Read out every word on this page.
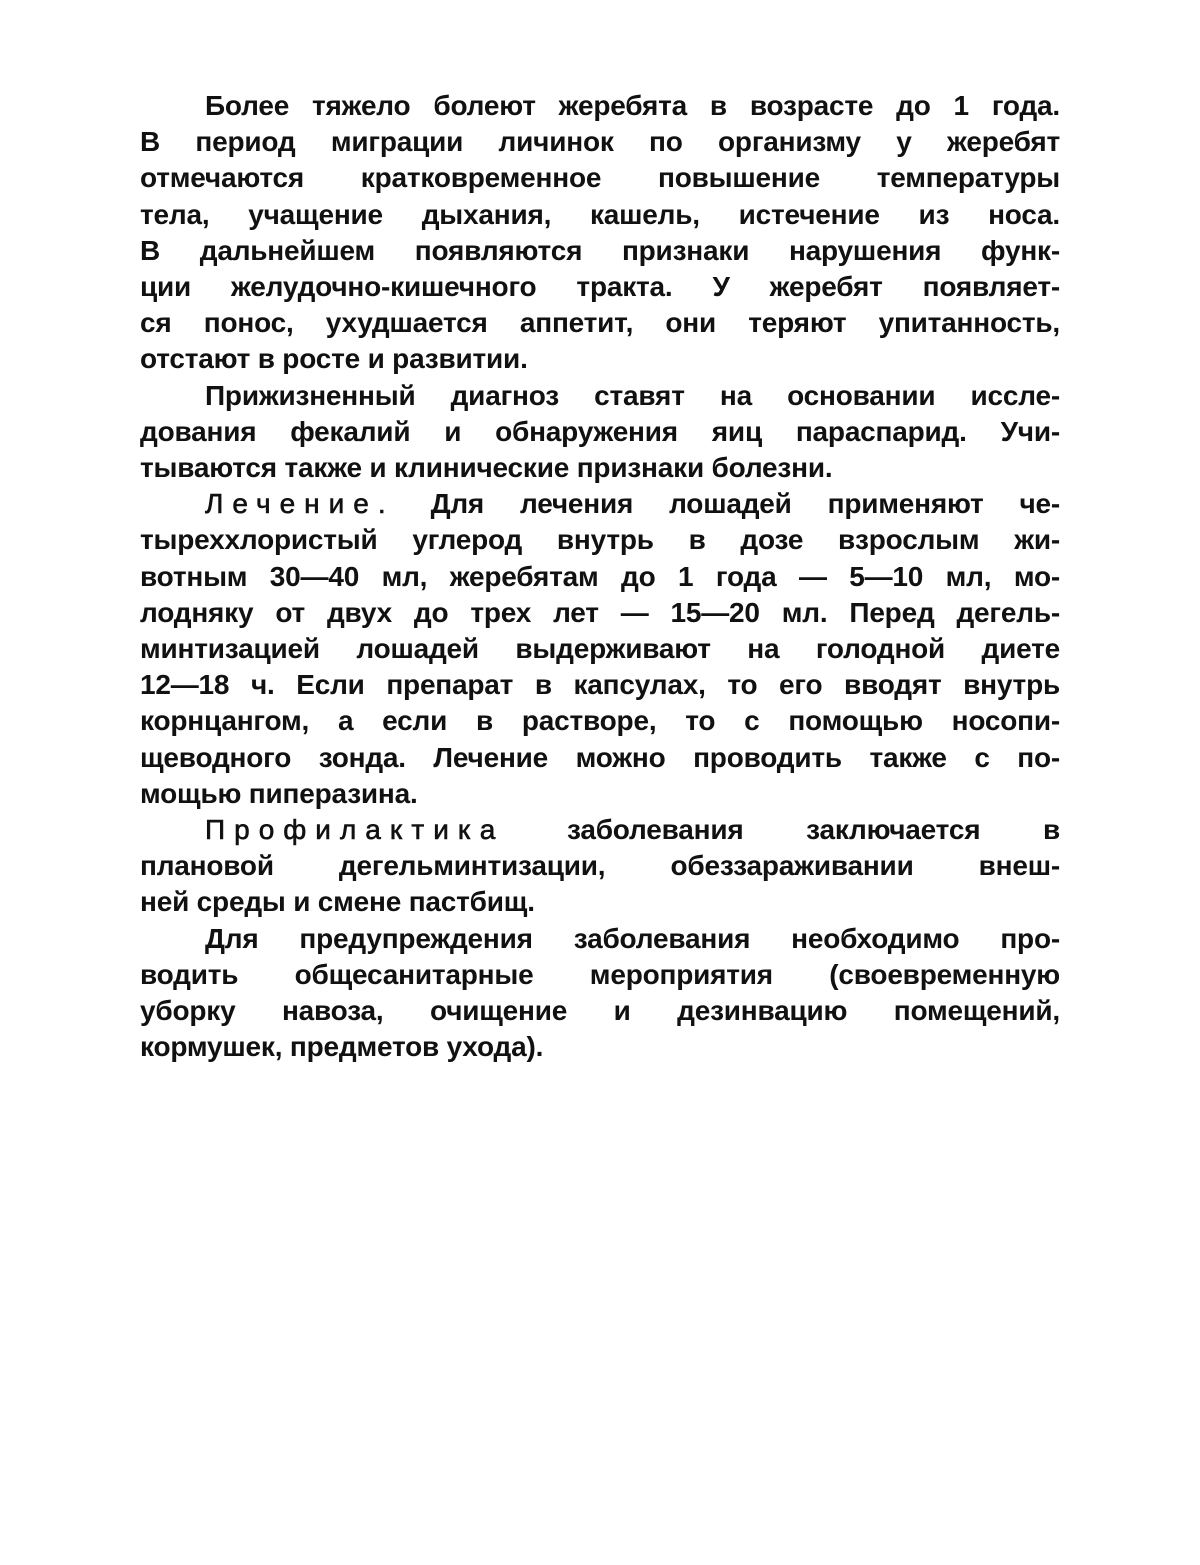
Более тяжело болеют жеребята в возрасте до 1 года.
В период миграции личинок по организму у жеребят
отмечаются кратковременное повышение температуры
тела, учащение дыхания, кашель, истечение из носа.
В дальнейшем появляются признаки нарушения функ-
ции желудочно-кишечного тракта. У жеребят появляет-
ся понос, ухудшается аппетит, они теряют упитанность,
отстают в росте и развитии.
Прижизненный диагноз ставят на основании иссле-
дования фекалий и обнаружения яиц параспарид. Учи-
тываются также и клинические признаки болезни.
Лечение. Для лечения лошадей применяют че-
тыреххлористый углерод внутрь в дозе взрослым жи-
вотным 30—40 мл, жеребятам до 1 года — 5—10 мл, мо-
лодняку от двух до трех лет — 15—20 мл. Перед дегель-
минтизацией лошадей выдерживают на голодной диете
12—18 ч. Если препарат в капсулах, то его вводят внутрь
корнцангом, а если в растворе, то с помощью носопи-
щеводного зонда. Лечение можно проводить также с по-
мощью пиперазина.
Профилактика заболевания заключается в
плановой дегельминтизации, обеззараживании внеш-
ней среды и смене пастбищ.
Для предупреждения заболевания необходимо про-
водить общесанитарные мероприятия (своевременную
уборку навоза, очищение и дезинвацию помещений,
кормушек, предметов ухода).
